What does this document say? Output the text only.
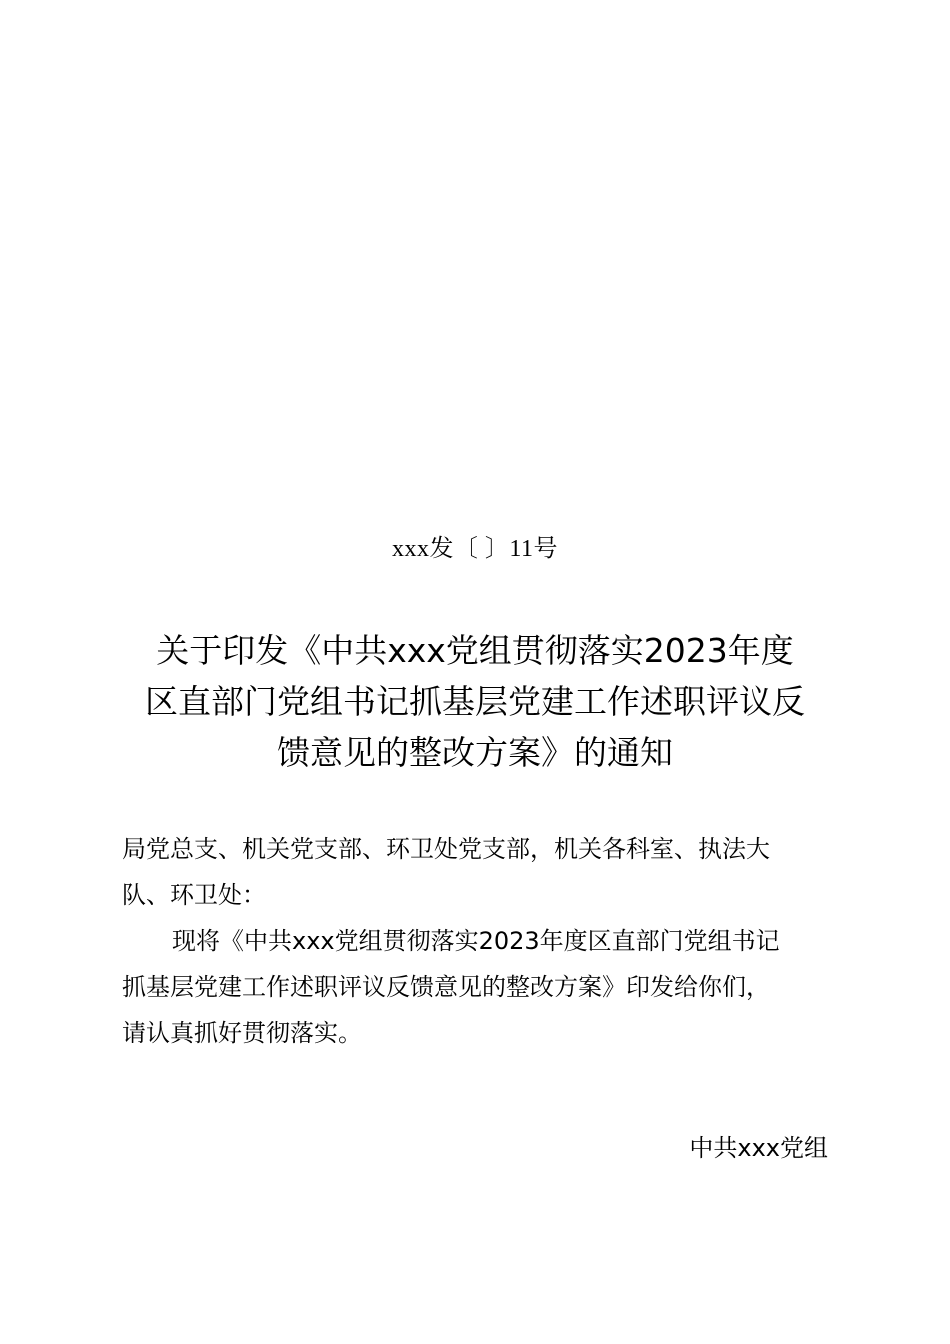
xxx发〔 〕11号
关于印发《中共xxx党组贯彻落实2023年度
区直部门党组书记抓基层党建工作述职评议反
馈意见的整改方案》的通知

局党总支、机关党支部、环卫处党支部，机关各科室、执法大
队、环卫处：

现将《中共xxx党组贯彻落实2023年度区直部门党组书记
抓基层党建工作述职评议反馈意见的整改方案》印发给你们，
请认真抓好贯彻落实。

中共xxx党组
